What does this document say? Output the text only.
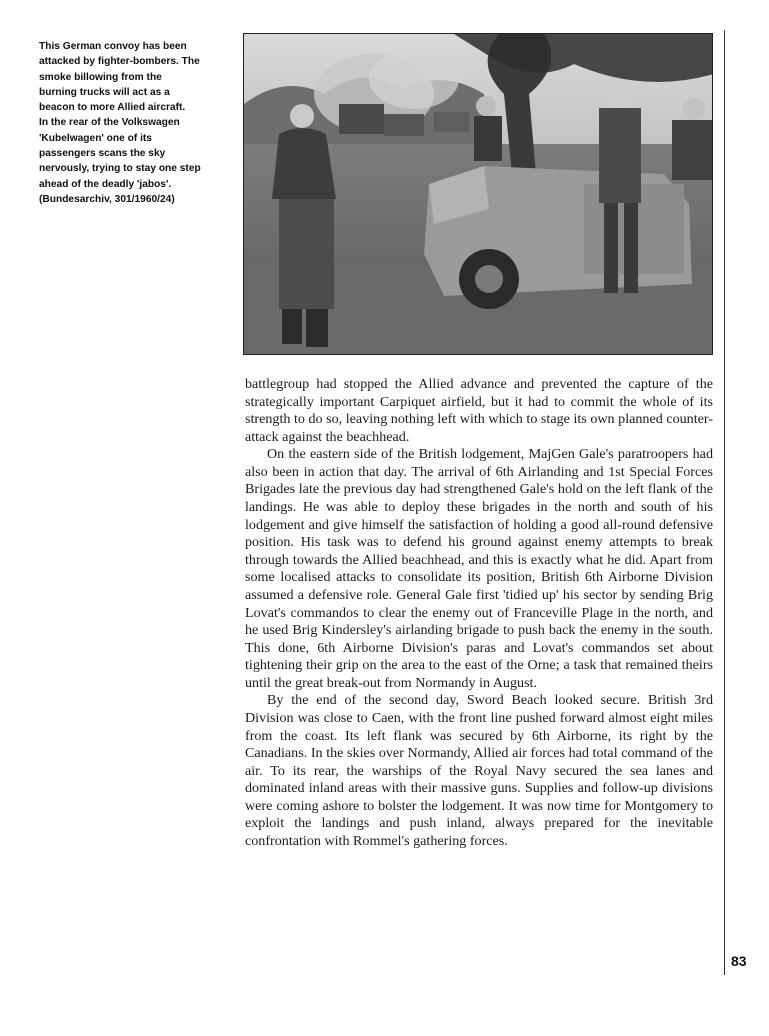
This German convoy has been
attacked by fighter-bombers. The
smoke billowing from the
burning trucks will act as a
beacon to more Allied aircraft.
In the rear of the Volkswagen
'Kubelwagen' one of its
passengers scans the sky
nervously, trying to stay one step
ahead of the deadly 'jabos'.
(Bundesarchiv, 301/1960/24)

battlegroup had stopped the Allied advance and prevented the capture of the strategically important Carpiquet airfield, but it had to commit the whole of its strength to do so, leaving nothing left with which to stage its own planned counter-attack against the beachhead.

On the eastern side of the British lodgement, MajGen Gale's paratroopers had also been in action that day. The arrival of 6th Airlanding and 1st Special Forces Brigades late the previous day had strengthened Gale's hold on the left flank of the landings. He was able to deploy these brigades in the north and south of his lodgement and give himself the satisfaction of holding a good all-round defensive position. His task was to defend his ground against enemy attempts to break through towards the Allied beachhead, and this is exactly what he did. Apart from some localised attacks to consolidate its position, British 6th Airborne Division assumed a defensive role. General Gale first 'tidied up' his sector by sending Brig Lovat's commandos to clear the enemy out of Franceville Plage in the north, and he used Brig Kindersley's airlanding brigade to push back the enemy in the south. This done, 6th Airborne Division's paras and Lovat's commandos set about tightening their grip on the area to the east of the Orne; a task that remained theirs until the great break-out from Normandy in August.

By the end of the second day, Sword Beach looked secure. British 3rd Division was close to Caen, with the front line pushed forward almost eight miles from the coast. Its left flank was secured by 6th Airborne, its right by the Canadians. In the skies over Normandy, Allied air forces had total command of the air. To its rear, the warships of the Royal Navy secured the sea lanes and dominated inland areas with their massive guns. Supplies and follow-up divisions were coming ashore to bolster the lodgement. It was now time for Montgomery to exploit the landings and push inland, always prepared for the inevitable confrontation with Rommel's gathering forces.

83
